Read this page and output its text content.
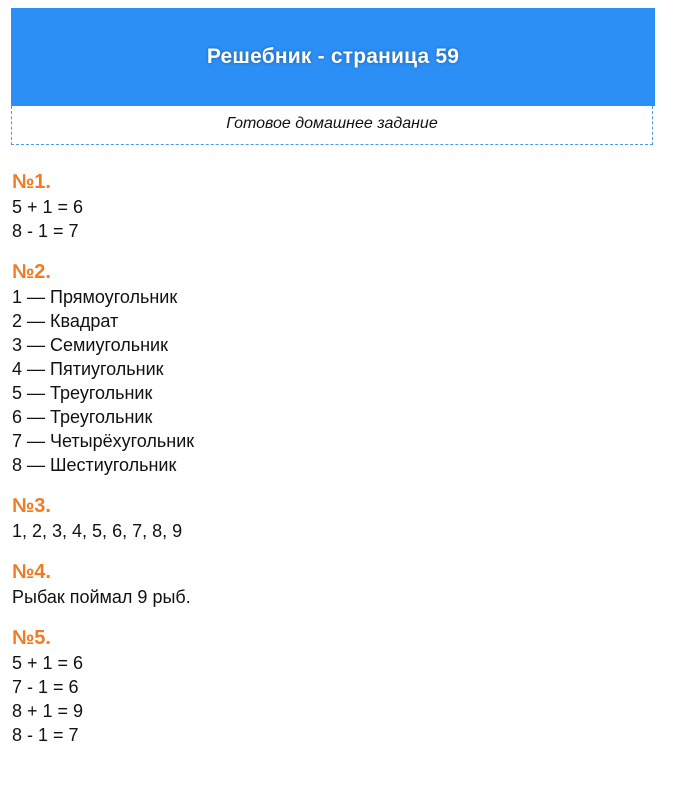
Решебник - страница 59
Готовое домашнее задание
№1.
5 + 1 = 6
8 - 1 = 7
№2.
1 — Прямоугольник
2 — Квадрат
3 — Семиугольник
4 — Пятиугольник
5 — Треугольник
6 — Треугольник
7 — Четырёхугольник
8 — Шестиугольник
№3.
1, 2, 3, 4, 5, 6, 7, 8, 9
№4.
Рыбак поймал 9 рыб.
№5.
5 + 1 = 6
7 - 1 = 6
8 + 1 = 9
8 - 1 = 7
